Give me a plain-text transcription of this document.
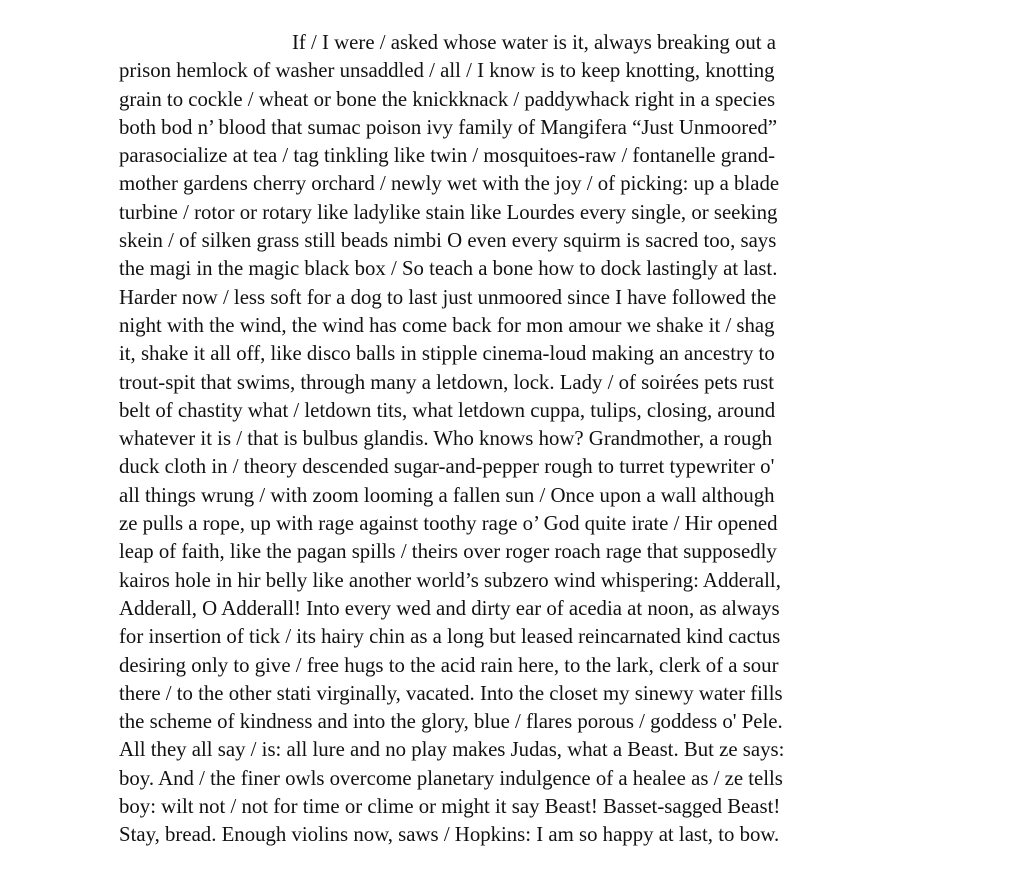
If / I were / asked whose water is it, always breaking out a
prison hemlock of washer unsaddled / all / I know is to keep knotting, knotting
grain to cockle / wheat or bone the knickknack / paddywhack right in a species
both bod n’ blood that sumac poison ivy family of Mangifera “Just Unmoored”
parasocialize at tea / tag tinkling like twin / mosquitoes-raw / fontanelle grand-
mother gardens cherry orchard / newly wet with the joy / of picking: up a blade
turbine / rotor or rotary like ladylike stain like Lourdes every single, or seeking
skein / of silken grass still beads nimbi O even every squirm is sacred too, says
the magi in the magic black box / So teach a bone how to dock lastingly at last.
Harder now / less soft for a dog to last just unmoored since I have followed the
night with the wind, the wind has come back for mon amour we shake it / shag
it, shake it all off, like disco balls in stipple cinema-loud making an ancestry to
trout-spit that swims, through many a letdown, lock. Lady / of soirées pets rust
belt of chastity what / letdown tits, what letdown cuppa, tulips, closing, around
whatever it is / that is bulbus glandis. Who knows how? Grandmother, a rough
duck cloth in / theory descended sugar-and-pepper rough to turret typewriter o'
all things wrung / with zoom looming a fallen sun / Once upon a wall although
ze pulls a rope, up with rage against toothy rage o’ God quite irate / Hir opened
leap of faith, like the pagan spills / theirs over roger roach rage that supposedly
kairos hole in hir belly like another world’s subzero wind whispering: Adderall,
Adderall, O Adderall! Into every wed and dirty ear of acedia at noon, as always
for insertion of tick / its hairy chin as a long but leased reincarnated kind cactus
desiring only to give / free hugs to the acid rain here, to the lark, clerk of a sour
there / to the other stati virginally, vacated. Into the closet my sinewy water fills
the scheme of kindness and into the glory, blue / flares porous / goddess o' Pele.
All they all say / is: all lure and no play makes Judas, what a Beast. But ze says:
boy. And / the finer owls overcome planetary indulgence of a healee as / ze tells
boy: wilt not / not for time or clime or might it say Beast! Basset-sagged Beast!
Stay, bread. Enough violins now, saws / Hopkins: I am so happy at last, to bow.
